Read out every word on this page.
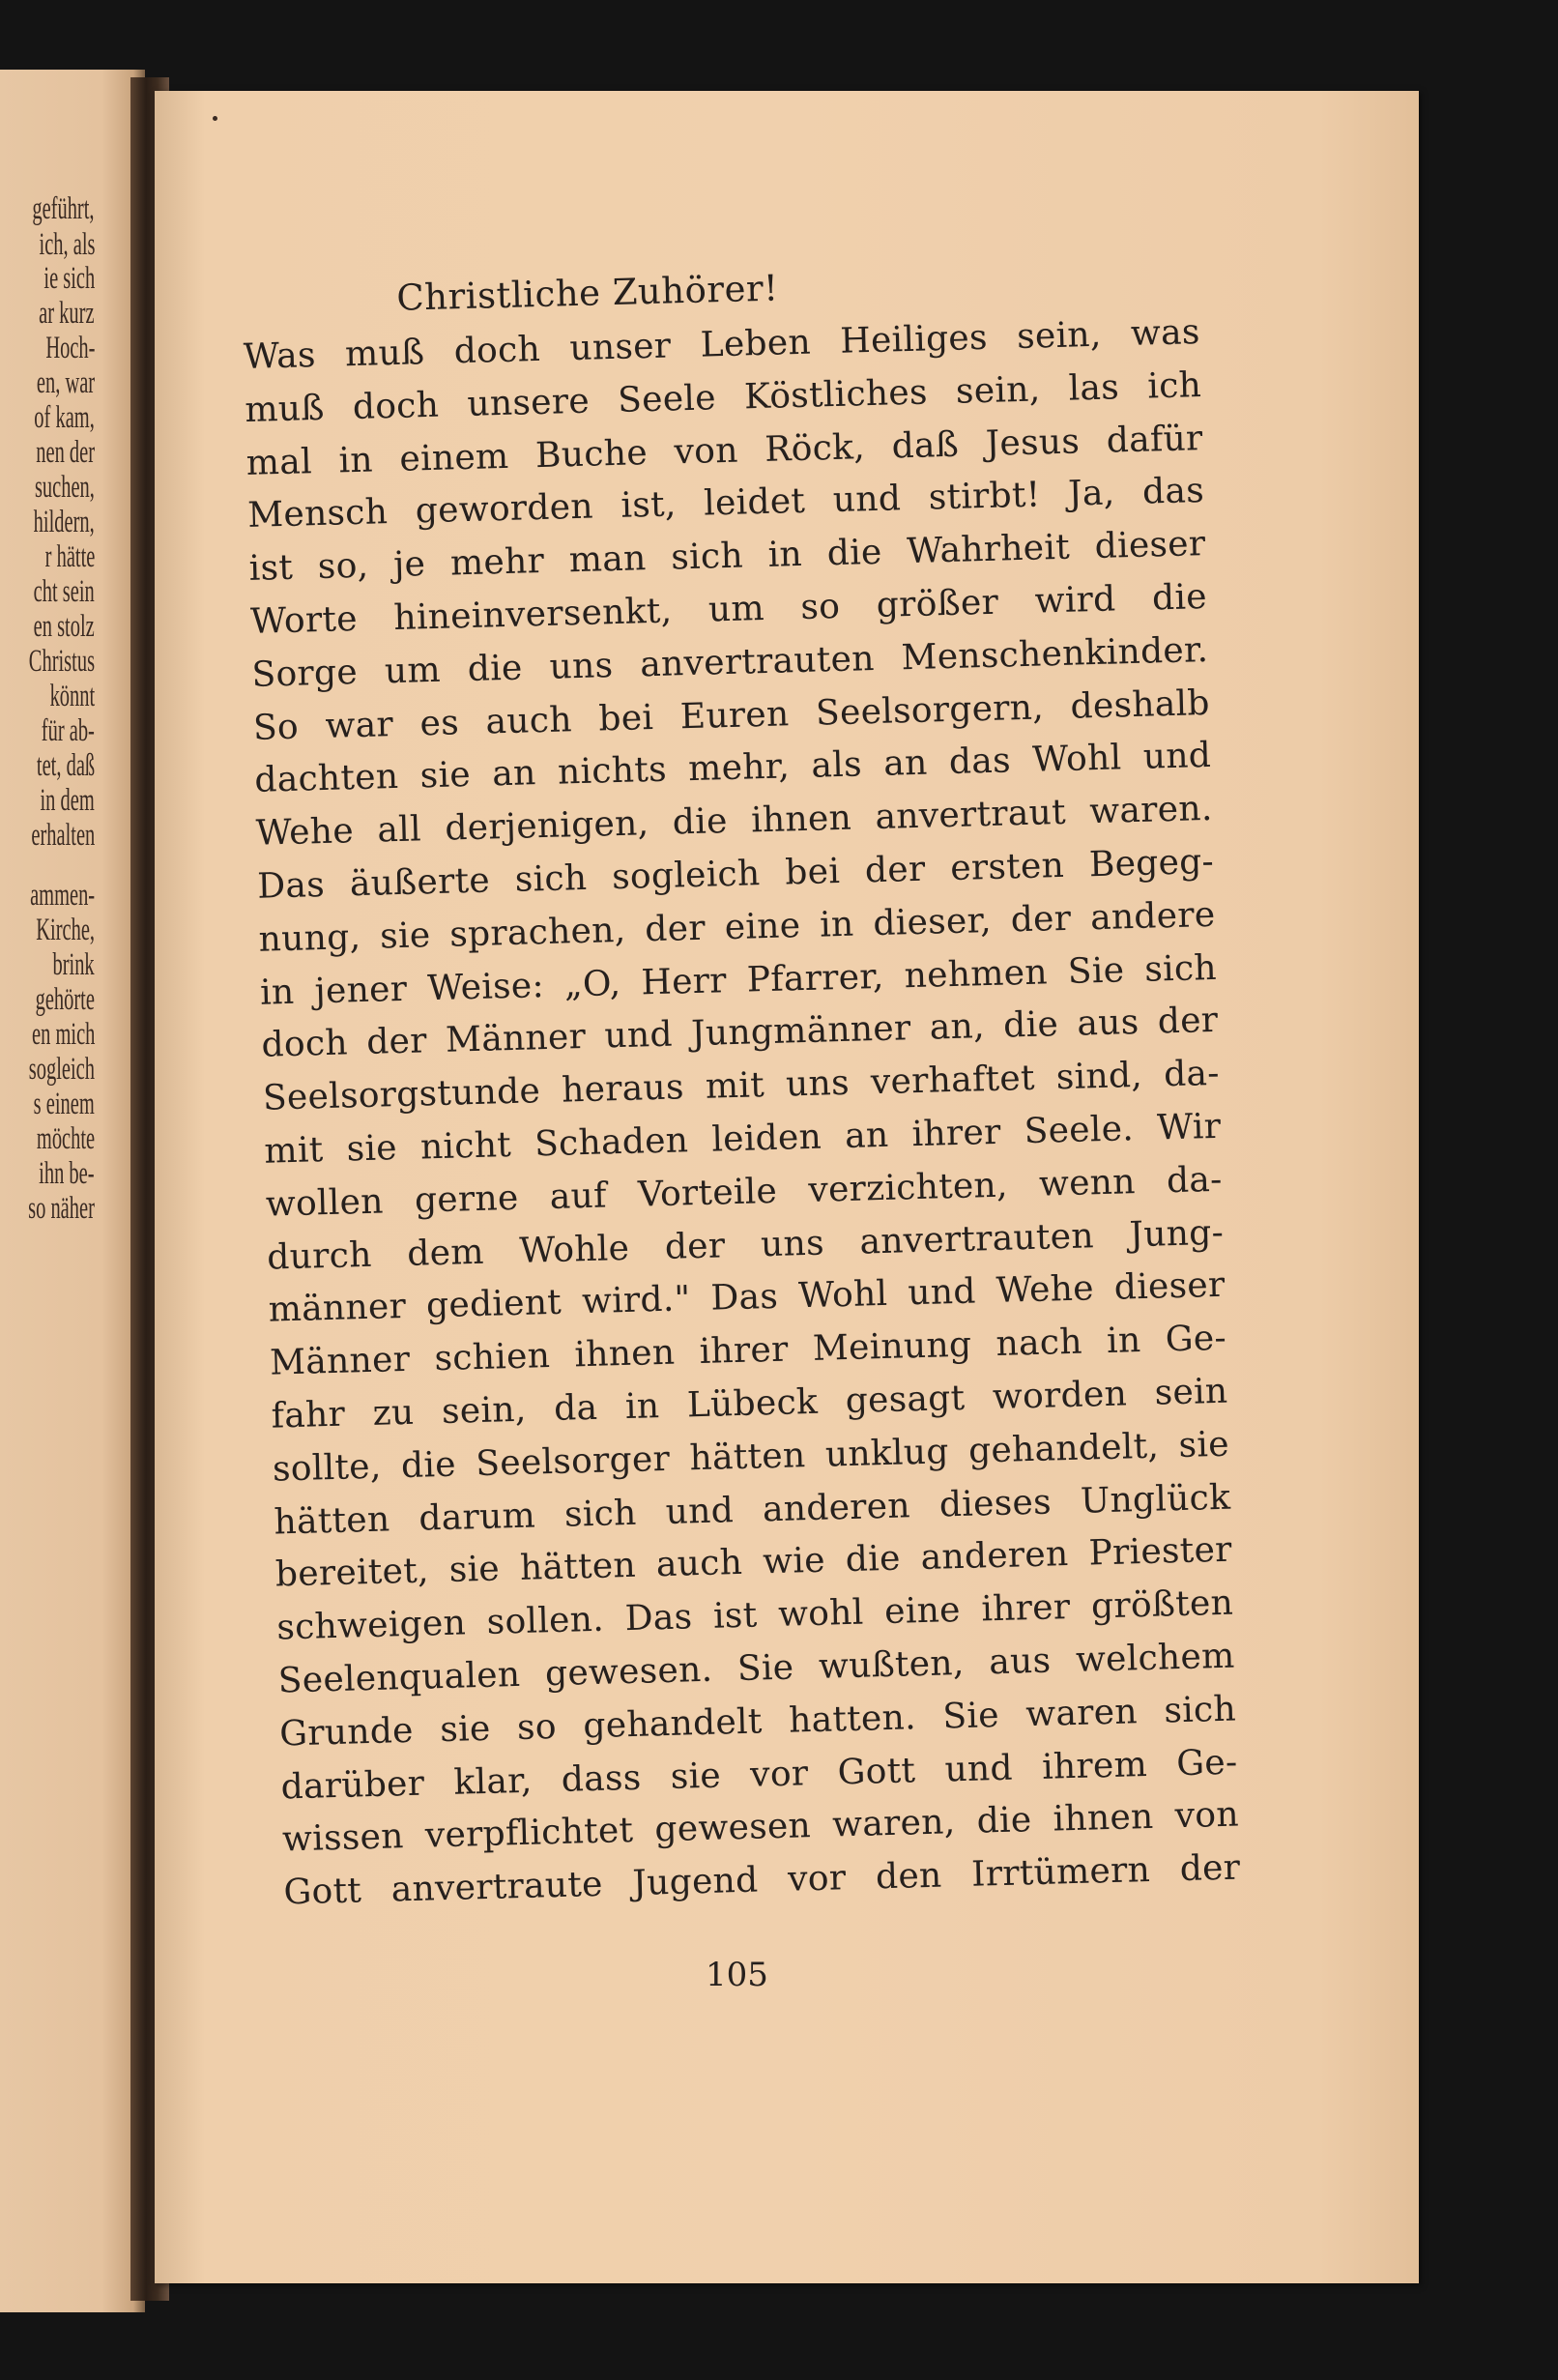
geführt,
ich, als
ie sich
ar kurz
Hoch-
en, war
of kam,
nen der
suchen,
hildern,
r hätte
cht sein
en stolz
Christus
könnt
für ab-
tet, daß
in dem
erhalten
ammen-
Kirche,
brink
gehörte
en mich
sogleich
s einem
möchte
ihn be-
so näher
Christliche Zuhörer!
Was muß doch unser Leben Heiliges sein, was
muß doch unsere Seele Köstliches sein, las ich
mal in einem Buche von Röck, daß Jesus dafür
Mensch geworden ist, leidet und stirbt! Ja, das
ist so, je mehr man sich in die Wahrheit dieser
Worte hineinversenkt, um so größer wird die
Sorge um die uns anvertrauten Menschenkinder.
So war es auch bei Euren Seelsorgern, deshalb
dachten sie an nichts mehr, als an das Wohl und
Wehe all derjenigen, die ihnen anvertraut waren.
Das äußerte sich sogleich bei der ersten Begeg-
nung, sie sprachen, der eine in dieser, der andere
in jener Weise: „O, Herr Pfarrer, nehmen Sie sich
doch der Männer und Jungmänner an, die aus der
Seelsorgstunde heraus mit uns verhaftet sind, da-
mit sie nicht Schaden leiden an ihrer Seele. Wir
wollen gerne auf Vorteile verzichten, wenn da-
durch dem Wohle der uns anvertrauten Jung-
männer gedient wird." Das Wohl und Wehe dieser
Männer schien ihnen ihrer Meinung nach in Ge-
fahr zu sein, da in Lübeck gesagt worden sein
sollte, die Seelsorger hätten unklug gehandelt, sie
hätten darum sich und anderen dieses Unglück
bereitet, sie hätten auch wie die anderen Priester
schweigen sollen. Das ist wohl eine ihrer größten
Seelenqualen gewesen. Sie wußten, aus welchem
Grunde sie so gehandelt hatten. Sie waren sich
darüber klar, dass sie vor Gott und ihrem Ge-
wissen verpflichtet gewesen waren, die ihnen von
Gott anvertraute Jugend vor den Irrtümern der
105
